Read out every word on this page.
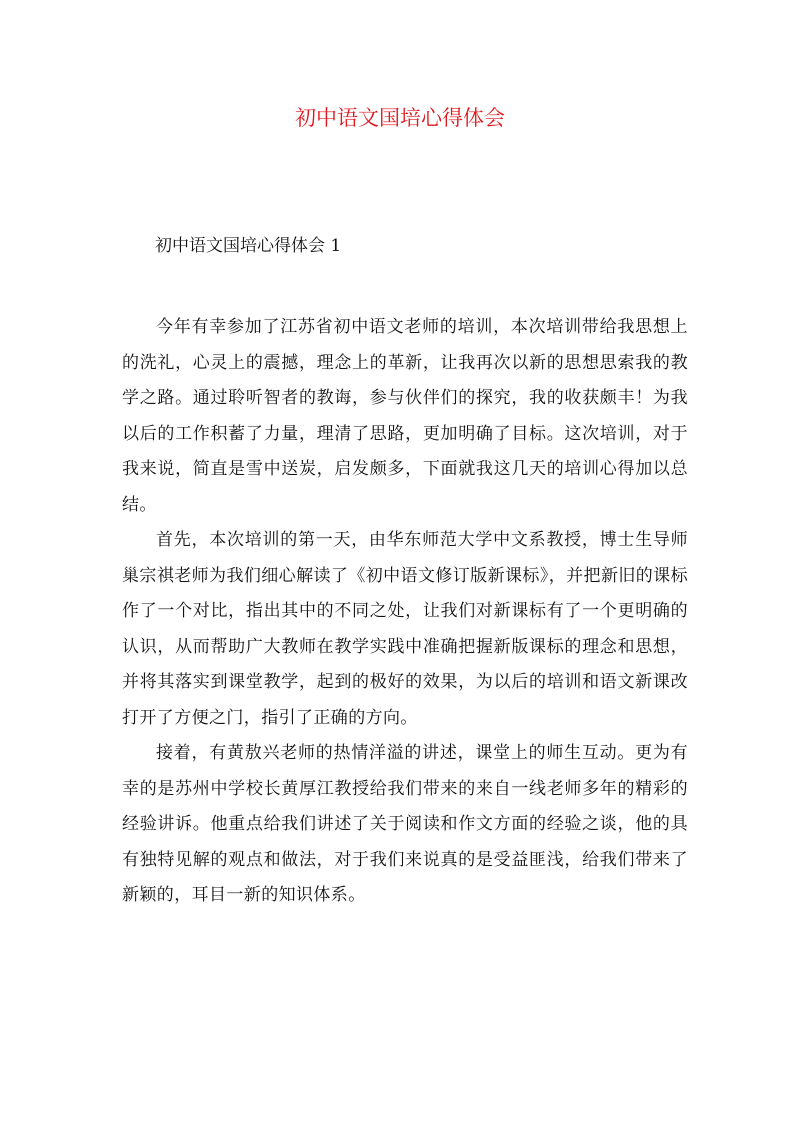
初中语文国培心得体会
初中语文国培心得体会 1

今年有幸参加了江苏省初中语文老师的培训，本次培训带给我思想上的洗礼，心灵上的震撼，理念上的革新，让我再次以新的思想思索我的教学之路。通过聆听智者的教诲，参与伙伴们的探究，我的收获颇丰！为我以后的工作积蓄了力量，理清了思路，更加明确了目标。这次培训，对于我来说，简直是雪中送炭，启发颇多，下面就我这几天的培训心得加以总结。

首先，本次培训的第一天，由华东师范大学中文系教授，博士生导师巢宗祺老师为我们细心解读了《初中语文修订版新课标》，并把新旧的课标作了一个对比，指出其中的不同之处，让我们对新课标有了一个更明确的认识，从而帮助广大教师在教学实践中准确把握新版课标的理念和思想，并将其落实到课堂教学，起到的极好的效果，为以后的培训和语文新课改打开了方便之门，指引了正确的方向。

接着，有黄敖兴老师的热情洋溢的讲述，课堂上的师生互动。更为有幸的是苏州中学校长黄厚江教授给我们带来的来自一线老师多年的精彩的经验讲诉。他重点给我们讲述了关于阅读和作文方面的经验之谈，他的具有独特见解的观点和做法，对于我们来说真的是受益匪浅，给我们带来了新颖的，耳目一新的知识体系。
